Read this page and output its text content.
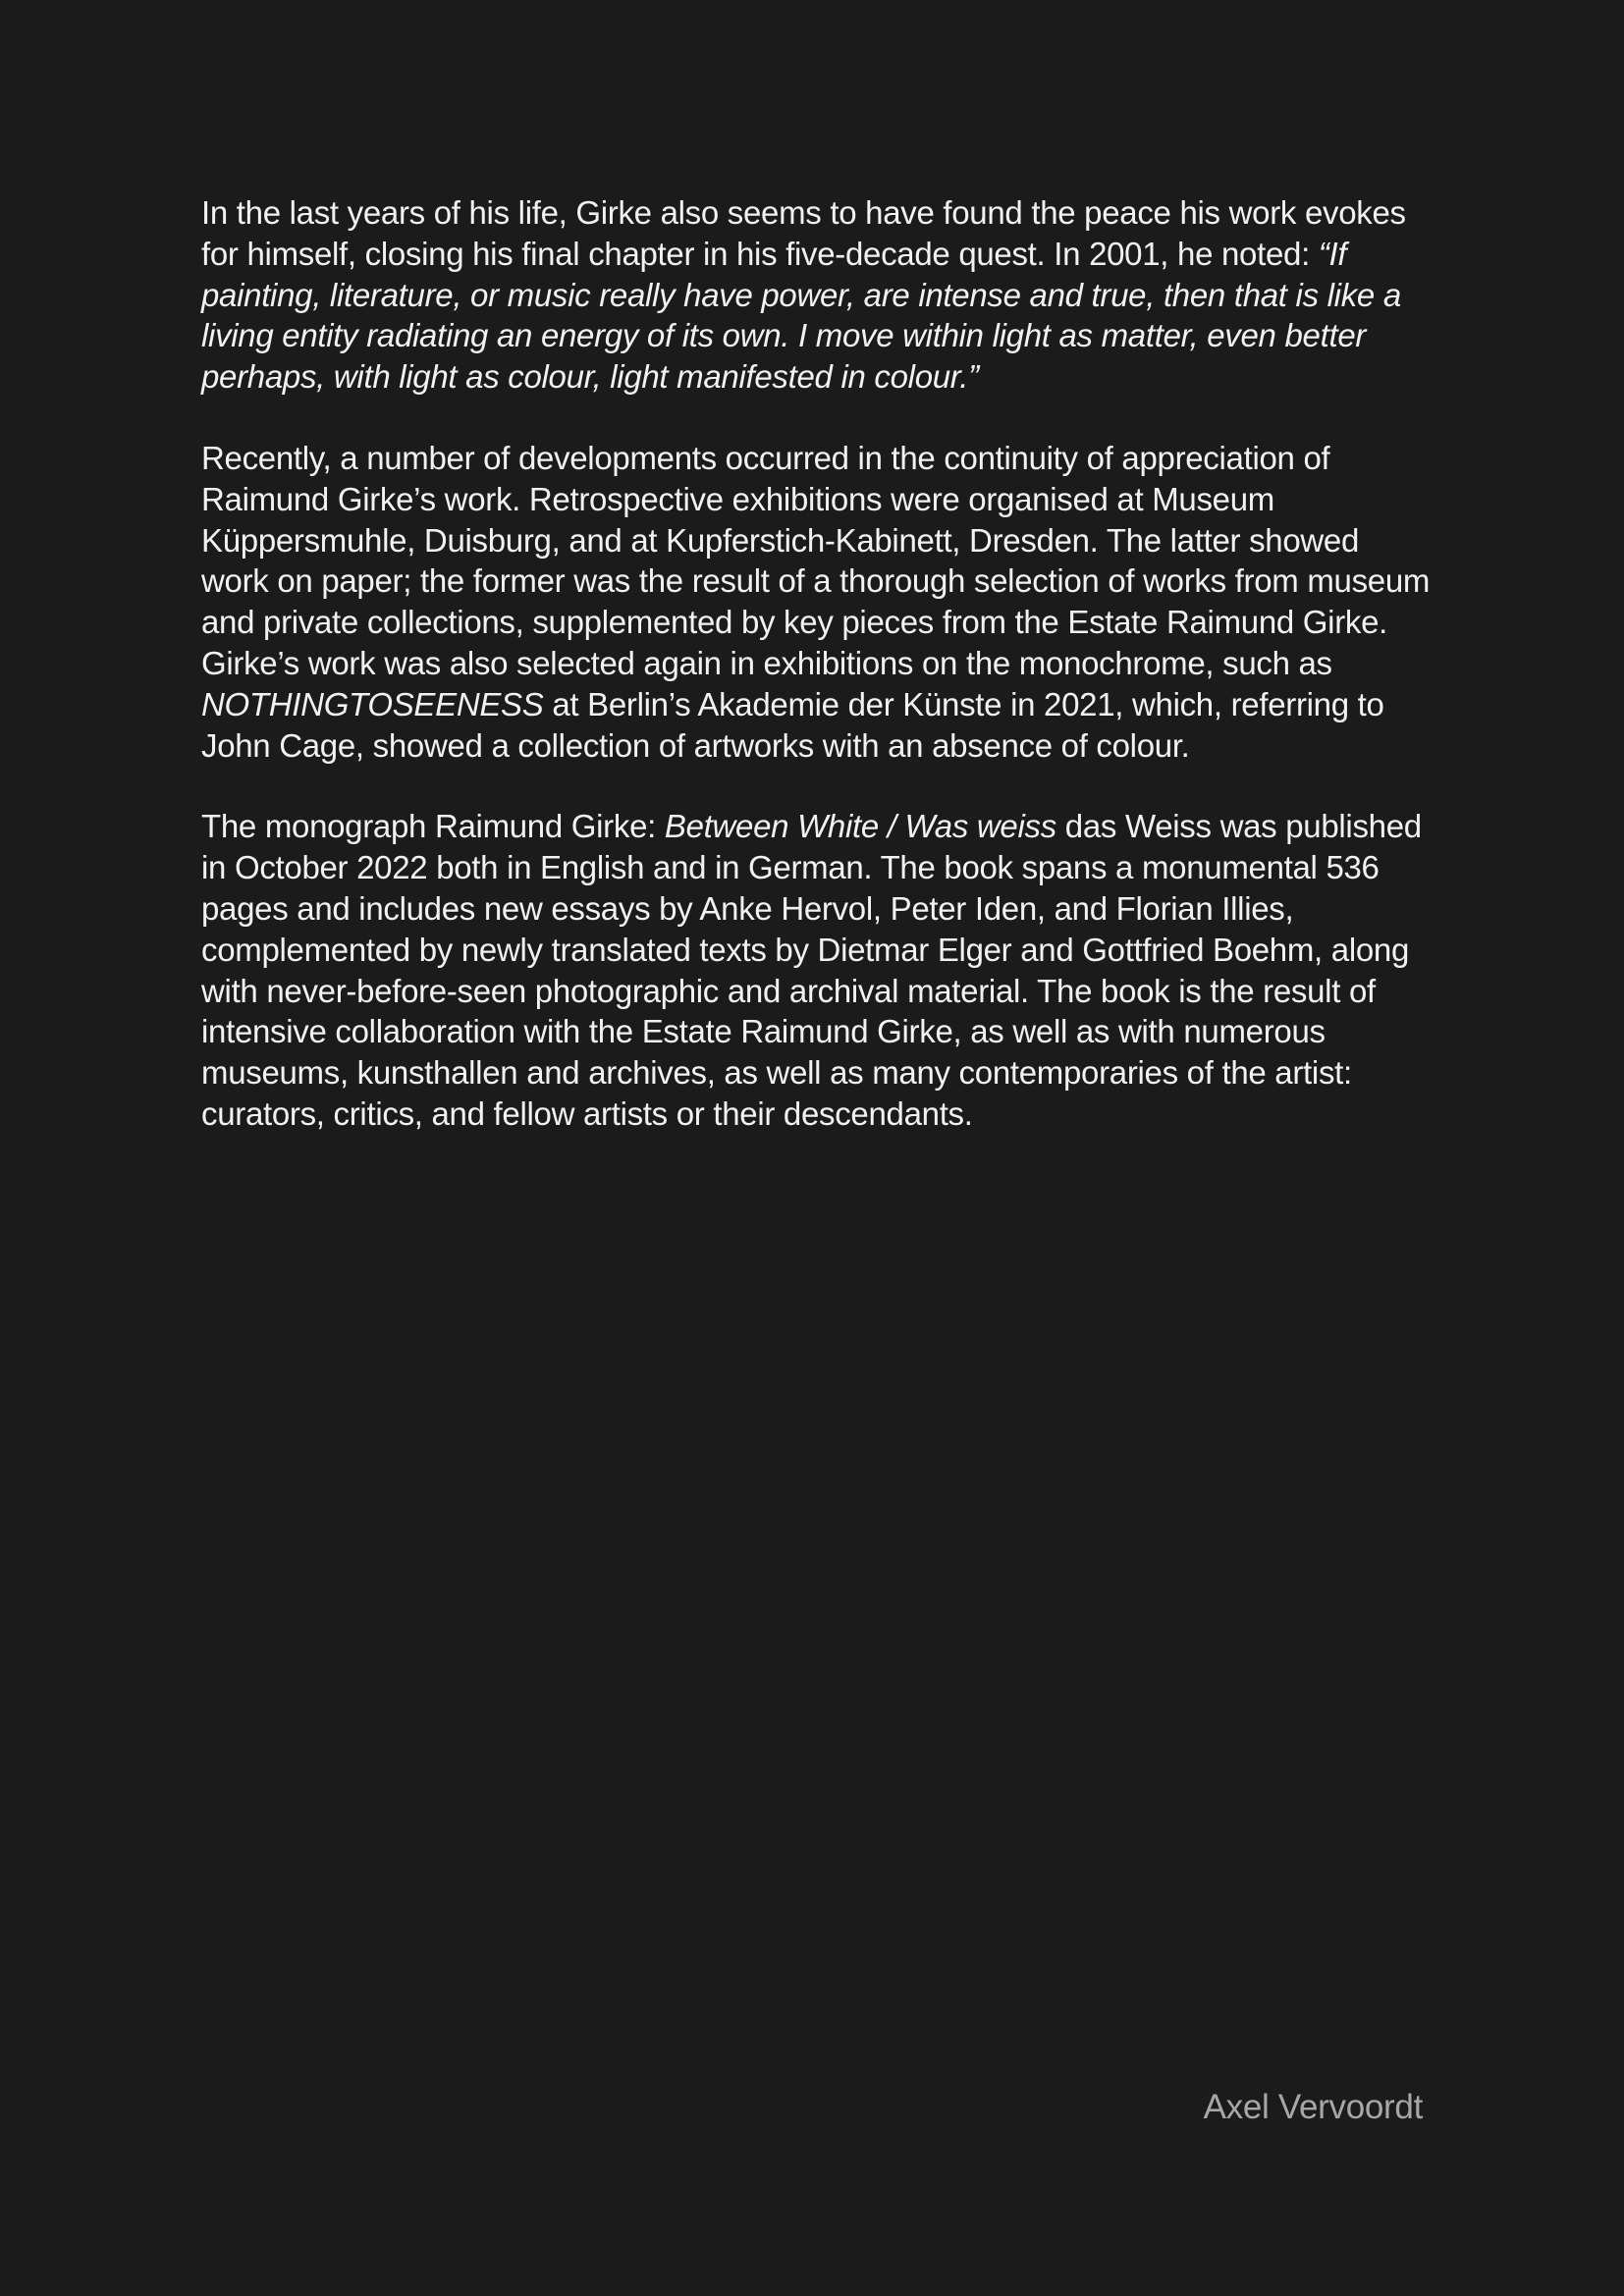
In the last years of his life, Girke also seems to have found the peace his work evokes for himself, closing his final chapter in his five-decade quest. In 2001, he noted: “If painting, literature, or music really have power, are intense and true, then that is like a living entity radiating an energy of its own. I move within light as matter, even better perhaps, with light as colour, light manifested in colour.”

Recently, a number of developments occurred in the continuity of appreciation of Raimund Girke’s work. Retrospective exhibitions were organised at Museum Küppersmuhle, Duisburg, and at Kupferstich-Kabinett, Dresden. The latter showed work on paper; the former was the result of a thorough selection of works from museum and private collections, supplemented by key pieces from the Estate Raimund Girke. Girke’s work was also selected again in exhibitions on the monochrome, such as NOTHINGTOSEENESS at Berlin’s Akademie der Künste in 2021, which, referring to John Cage, showed a collection of artworks with an absence of colour.

The monograph Raimund Girke: Between White / Was weiss das Weiss was published in October 2022 both in English and in German. The book spans a monumental 536 pages and includes new essays by Anke Hervol, Peter Iden, and Florian Illies, complemented by newly translated texts by Dietmar Elger and Gottfried Boehm, along with never-before-seen photographic and archival material. The book is the result of intensive collaboration with the Estate Raimund Girke, as well as with numerous museums, kunsthallen and archives, as well as many contemporaries of the artist: curators, critics, and fellow artists or their descendants.

Axel Vervoordt
